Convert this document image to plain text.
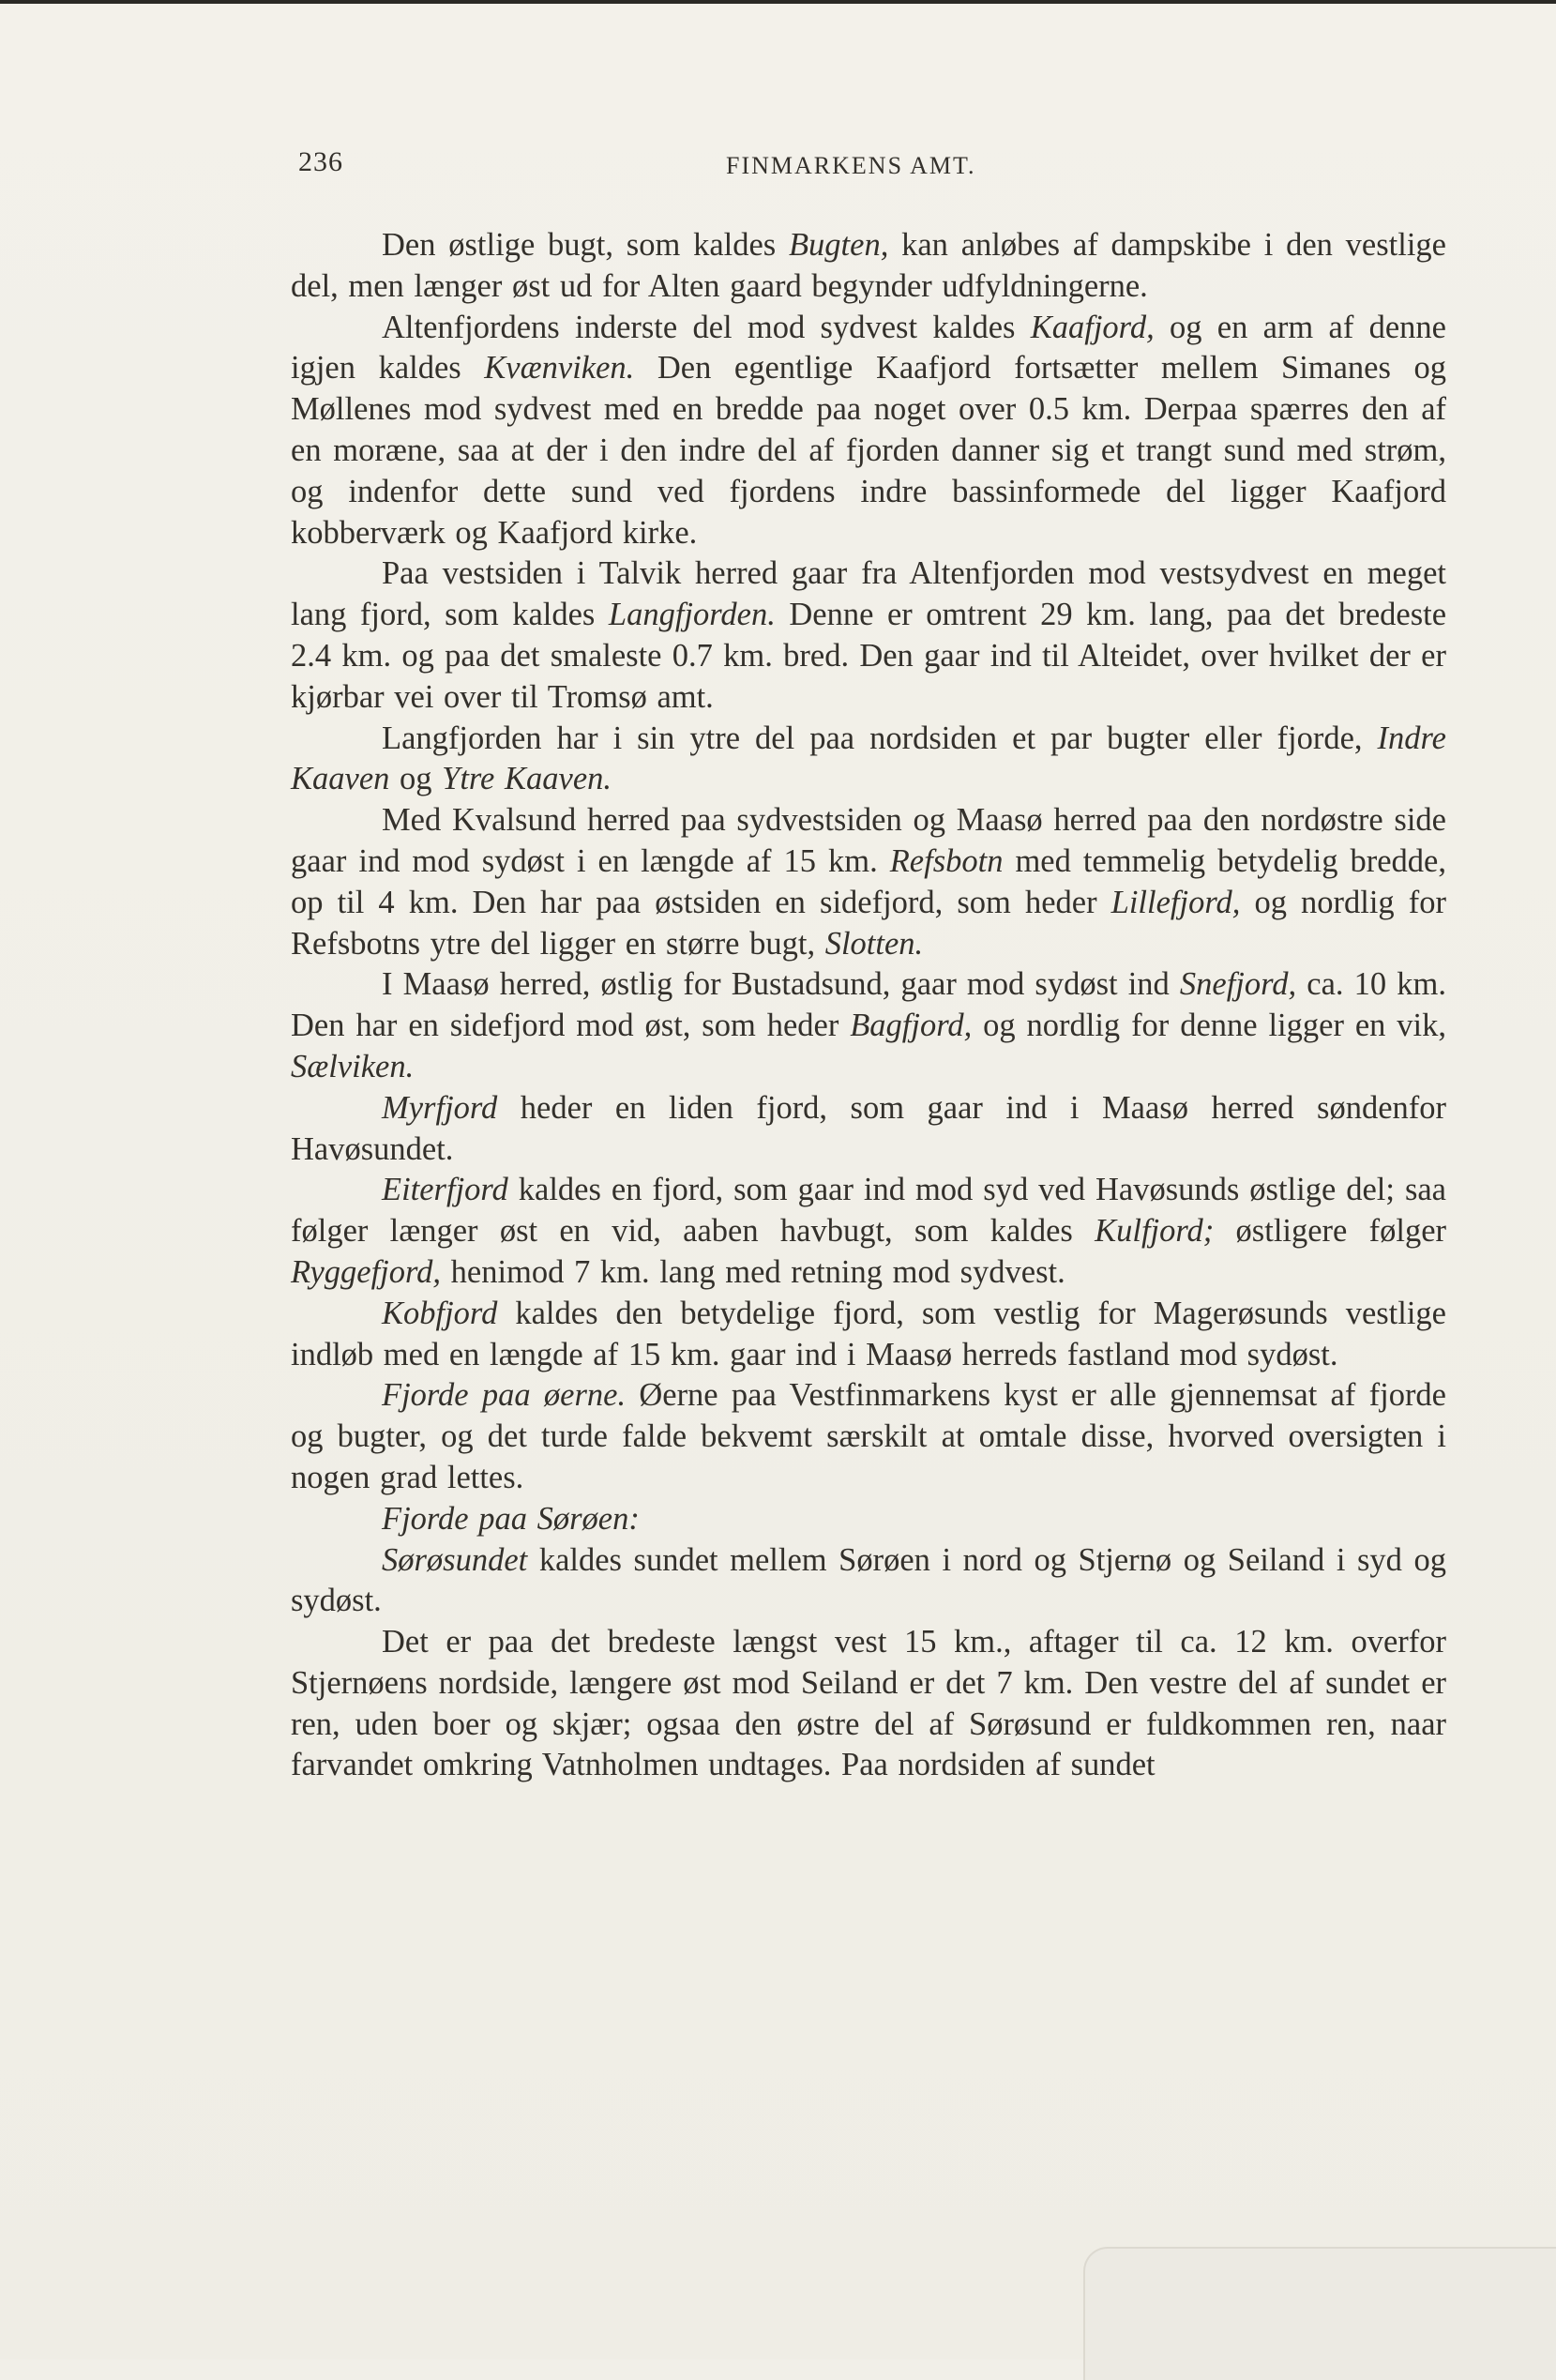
236	FINMARKENS AMT.

Den østlige bugt, som kaldes Bugten, kan anløbes af dampskibe i den vestlige del, men længer øst ud for Alten gaard begynder udfyldningerne.

Altenfjordens inderste del mod sydvest kaldes Kaafjord, og en arm af denne igjen kaldes Kvænviken. Den egentlige Kaafjord fortsætter mellem Simanes og Møllenes mod sydvest med en bredde paa noget over 0.5 km. Derpaa spærres den af en moræne, saa at der i den indre del af fjorden danner sig et trangt sund med strøm, og indenfor dette sund ved fjordens indre bassinformede del ligger Kaafjord kobberværk og Kaafjord kirke.

Paa vestsiden i Talvik herred gaar fra Altenfjorden mod vestsydvest en meget lang fjord, som kaldes Langfjorden. Denne er omtrent 29 km. lang, paa det bredeste 2.4 km. og paa det smaleste 0.7 km. bred. Den gaar ind til Alteidet, over hvilket der er kjørbar vei over til Tromsø amt.

Langfjorden har i sin ytre del paa nordsiden et par bugter eller fjorde, Indre Kaaven og Ytre Kaaven.

Med Kvalsund herred paa sydvestsiden og Maasø herred paa den nordøstre side gaar ind mod sydøst i en længde af 15 km. Refsbotn med temmelig betydelig bredde, op til 4 km. Den har paa østsiden en sidefjord, som heder Lillefjord, og nordlig for Refsbotns ytre del ligger en større bugt, Slotten.

I Maasø herred, østlig for Bustadsund, gaar mod sydøst ind Snefjord, ca. 10 km. Den har en sidefjord mod øst, som heder Bagfjord, og nordlig for denne ligger en vik, Sælviken.

Myrfjord heder en liden fjord, som gaar ind i Maasø herred søndenfor Havøsundet.

Eiterfjord kaldes en fjord, som gaar ind mod syd ved Havøsunds østlige del; saa følger længer øst en vid, aaben havbugt, som kaldes Kulfjord; østligere følger Ryggefjord, henimod 7 km. lang med retning mod sydvest.

Kobfjord kaldes den betydelige fjord, som vestlig for Magerøsunds vestlige indløb med en længde af 15 km. gaar ind i Maasø herreds fastland mod sydøst.

Fjorde paa øerne. Øerne paa Vestfinmarkens kyst er alle gjennemsat af fjorde og bugter, og det turde falde bekvemt særskilt at omtale disse, hvorved oversigten i nogen grad lettes.

Fjorde paa Sørøen:

Sørøsundet kaldes sundet mellem Sørøen i nord og Stjernø og Seiland i syd og sydøst.

Det er paa det bredeste længst vest 15 km., aftager til ca. 12 km. overfor Stjernøens nordside, længere øst mod Seiland er det 7 km. Den vestre del af sundet er ren, uden boer og skjær; ogsaa den østre del af Sørøsund er fuldkommen ren, naar farvandet omkring Vatnholmen undtages. Paa nordsiden af sundet
